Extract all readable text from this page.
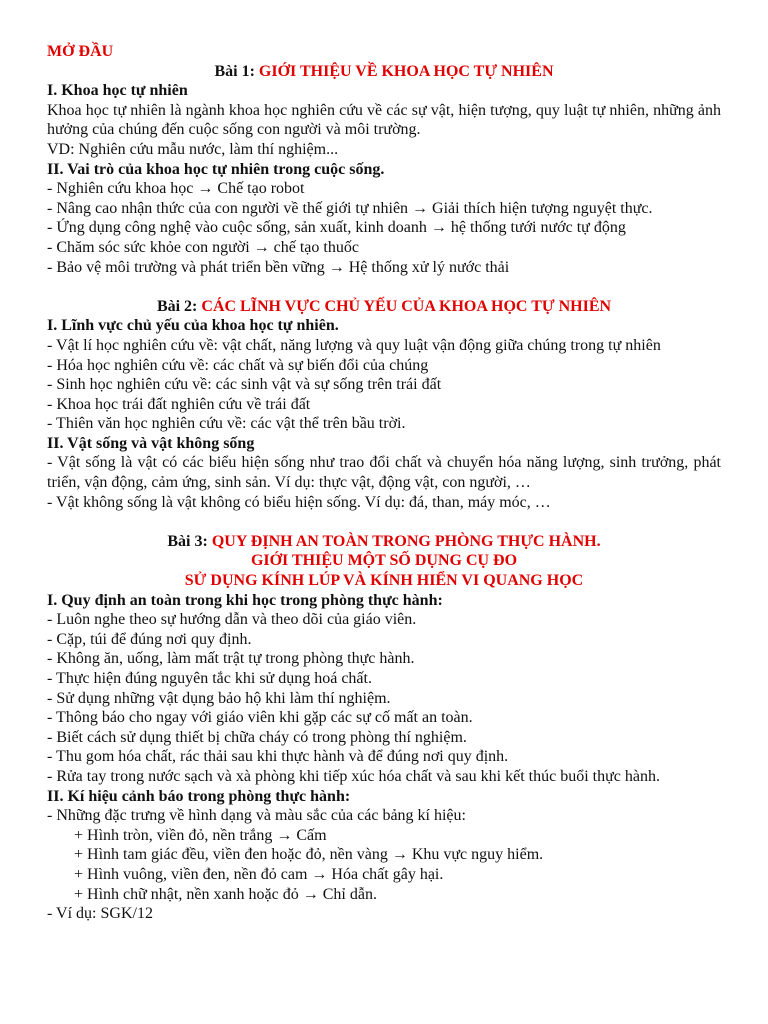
MỞ ĐẦU

Bài 1: GIỚI THIỆU VỀ KHOA HỌC TỰ NHIÊN

I. Khoa học tự nhiên

Khoa học tự nhiên là ngành khoa học nghiên cứu về các sự vật, hiện tượng, quy luật tự nhiên, những ảnh hưởng của chúng đến cuộc sống con người và môi trường.

VD: Nghiên cứu mẫu nước, làm thí nghiệm...

II. Vai trò của khoa học tự nhiên trong cuộc sống.

- Nghiên cứu khoa học → Chế tạo robot

- Nâng cao nhận thức của con người về thế giới tự nhiên → Giải thích hiện tượng nguyệt thực.

- Ứng dụng công nghệ vào cuộc sống, sản xuất, kinh doanh → hệ thống tưới nước tự động

- Chăm sóc sức khỏe con người → chế tạo thuốc

- Bảo vệ môi trường và phát triển bền vững → Hệ thống xử lý nước thải

Bài 2: CÁC LĨNH VỰC CHỦ YẾU CỦA KHOA HỌC TỰ NHIÊN

I. Lĩnh vực chủ yếu của khoa học tự nhiên.

- Vật lí học nghiên cứu về: vật chất, năng lượng và quy luật vận động giữa chúng trong tự nhiên

- Hóa học nghiên cứu về: các chất và sự biến đổi của chúng

- Sinh học nghiên cứu về: các sinh vật và sự sống trên trái đất

- Khoa học trái đất nghiên cứu về trái đất

- Thiên văn học nghiên cứu về: các vật thể trên bầu trời.

II. Vật sống và vật không sống

- Vật sống là vật có các biểu hiện sống như trao đổi chất và chuyển hóa năng lượng, sinh trưởng, phát triển, vận động, cảm ứng, sinh sản. Ví dụ: thực vật, động vật, con người, …

- Vật không sống là vật không có biểu hiện sống. Ví dụ: đá, than, máy móc, …

Bài 3: QUY ĐỊNH AN TOÀN TRONG PHÒNG THỰC HÀNH.

GIỚI THIỆU MỘT SỐ DỤNG CỤ ĐO

SỬ DỤNG KÍNH LÚP VÀ KÍNH HIỂN VI QUANG HỌC

I. Quy định an toàn trong khi học trong phòng thực hành:

- Luôn nghe theo sự hướng dẫn và theo dõi của giáo viên.

- Cặp, túi để đúng nơi quy định.

- Không ăn, uống, làm mất trật tự trong phòng thực hành.

- Thực hiện đúng nguyên tắc khi sử dụng hoá chất.

- Sử dụng những vật dụng bảo hộ khi làm thí nghiệm.

- Thông báo cho ngay với giáo viên khi gặp các sự cố mất an toàn.

- Biết cách sử dụng thiết bị chữa cháy có trong phòng thí nghiệm.

- Thu gom hóa chất, rác thải sau khi thực hành và để đúng nơi quy định.

- Rửa tay trong nước sạch và xà phòng khi tiếp xúc hóa chất và sau khi kết thúc buổi thực hành.

II. Kí hiệu cảnh báo trong phòng thực hành:

- Những đặc trưng về hình dạng và màu sắc của các bảng kí hiệu:

+ Hình tròn, viền đỏ, nền trắng → Cấm

+ Hình tam giác đều, viền đen hoặc đỏ, nền vàng → Khu vực nguy hiểm.

+ Hình vuông, viền đen, nền đỏ cam → Hóa chất gây hại.

+ Hình chữ nhật, nền xanh hoặc đỏ → Chỉ dẫn.

- Ví dụ: SGK/12
